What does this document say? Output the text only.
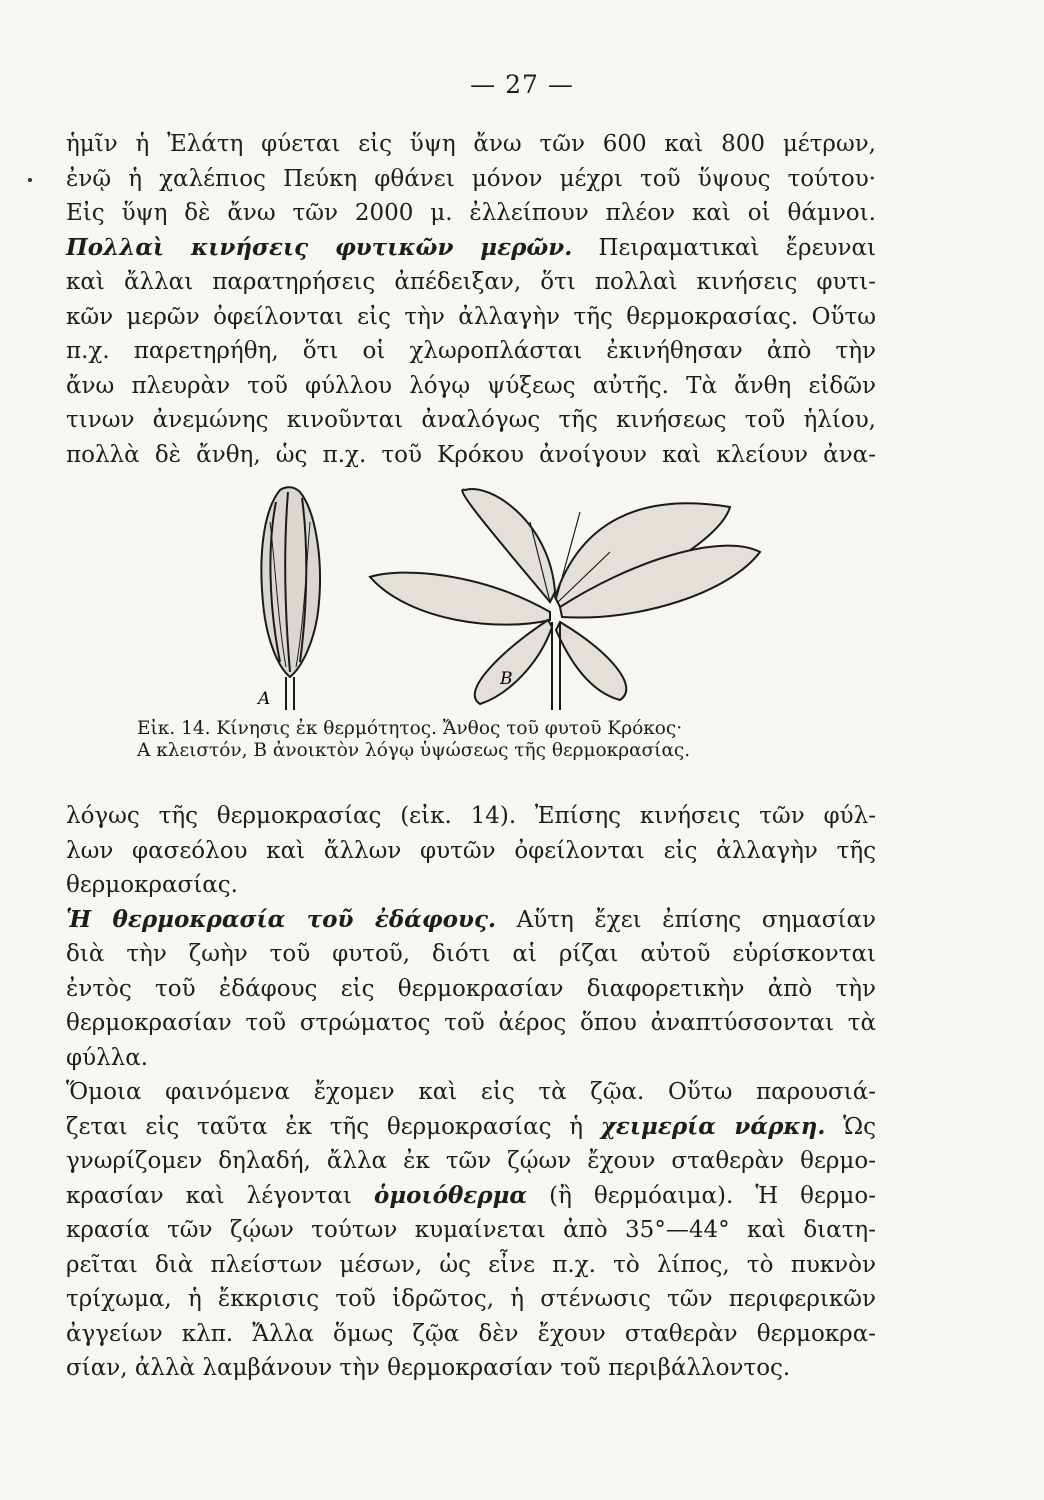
— 27 —
ἡμῖν ἡ Ἐλάτη φύεται εἰς ὕψη ἄνω τῶν 600 καὶ 800 μέτρων,
ἐνῷ ἡ χαλέπιος Πεύκη φθάνει μόνον μέχρι τοῦ ὕψους τούτου·
Εἰς ὕψη δὲ ἄνω τῶν 2000 μ. ἐλλείπουν πλέον καὶ οἱ θάμνοι.
Πολλαὶ κινήσεις φυτικῶν μερῶν. Πειραματικαὶ ἔρευναι
καὶ ἄλλαι παρατηρήσεις ἀπέδειξαν, ὅτι πολλαὶ κινήσεις φυτι-
κῶν μερῶν ὀφείλονται εἰς τὴν ἀλλαγὴν τῆς θερμοκρασίας. Οὕτω
π.χ. παρετηρήθη, ὅτι οἱ χλωροπλάσται ἐκινήθησαν ἀπὸ τὴν
ἄνω πλευρὰν τοῦ φύλλου λόγῳ ψύξεως αὐτῆς. Τὰ ἄνθη εἰδῶν
τινων ἀνεμώνης κινοῦνται ἀναλόγως τῆς κινήσεως τοῦ ἡλίου,
πολλὰ δὲ ἄνθη, ὡς π.χ. τοῦ Κρόκου ἀνοίγουν καὶ κλείουν ἀνα-
A
B
Εἰκ. 14. Κίνησις ἐκ θερμότητος. Ἄνθος τοῦ φυτοῦ Κρόκος·
Α κλειστόν, Β ἀνοικτὸν λόγῳ ὑψώσεως τῆς θερμοκρασίας.
λόγως τῆς θερμοκρασίας (εἰκ. 14). Ἐπίσης κινήσεις τῶν φύλ-
λων φασεόλου καὶ ἄλλων φυτῶν ὀφείλονται εἰς ἀλλαγὴν τῆς
θερμοκρασίας.
Ἡ θερμοκρασία τοῦ ἐδάφους. Αὕτη ἔχει ἐπίσης σημασίαν
διὰ τὴν ζωὴν τοῦ φυτοῦ, διότι αἱ ρίζαι αὐτοῦ εὑρίσκονται
ἐντὸς τοῦ ἐδάφους εἰς θερμοκρασίαν διαφορετικὴν ἀπὸ τὴν
θερμοκρασίαν τοῦ στρώματος τοῦ ἀέρος ὅπου ἀναπτύσσονται τὰ
φύλλα.
Ὅμοια φαινόμενα ἔχομεν καὶ εἰς τὰ ζῷα. Οὕτω παρουσιά-
ζεται εἰς ταῦτα ἐκ τῆς θερμοκρασίας ἡ χειμερία νάρκη. Ὡς
γνωρίζομεν δηλαδή, ἄλλα ἐκ τῶν ζῴων ἔχουν σταθερὰν θερμο-
κρασίαν καὶ λέγονται ὁμοιόθερμα (ἢ θερμόαιμα). Ἡ θερμο-
κρασία τῶν ζῴων τούτων κυμαίνεται ἀπὸ 35°—44° καὶ διατη-
ρεῖται διὰ πλείστων μέσων, ὡς εἶνε π.χ. τὸ λίπος, τὸ πυκνὸν
τρίχωμα, ἡ ἔκκρισις τοῦ ἱδρῶτος, ἡ στένωσις τῶν περιφερικῶν
ἀγγείων κλπ. Ἄλλα ὅμως ζῷα δὲν ἔχουν σταθερὰν θερμοκρα-
σίαν, ἀλλὰ λαμβάνουν τὴν θερμοκρασίαν τοῦ περιβάλλοντος.
